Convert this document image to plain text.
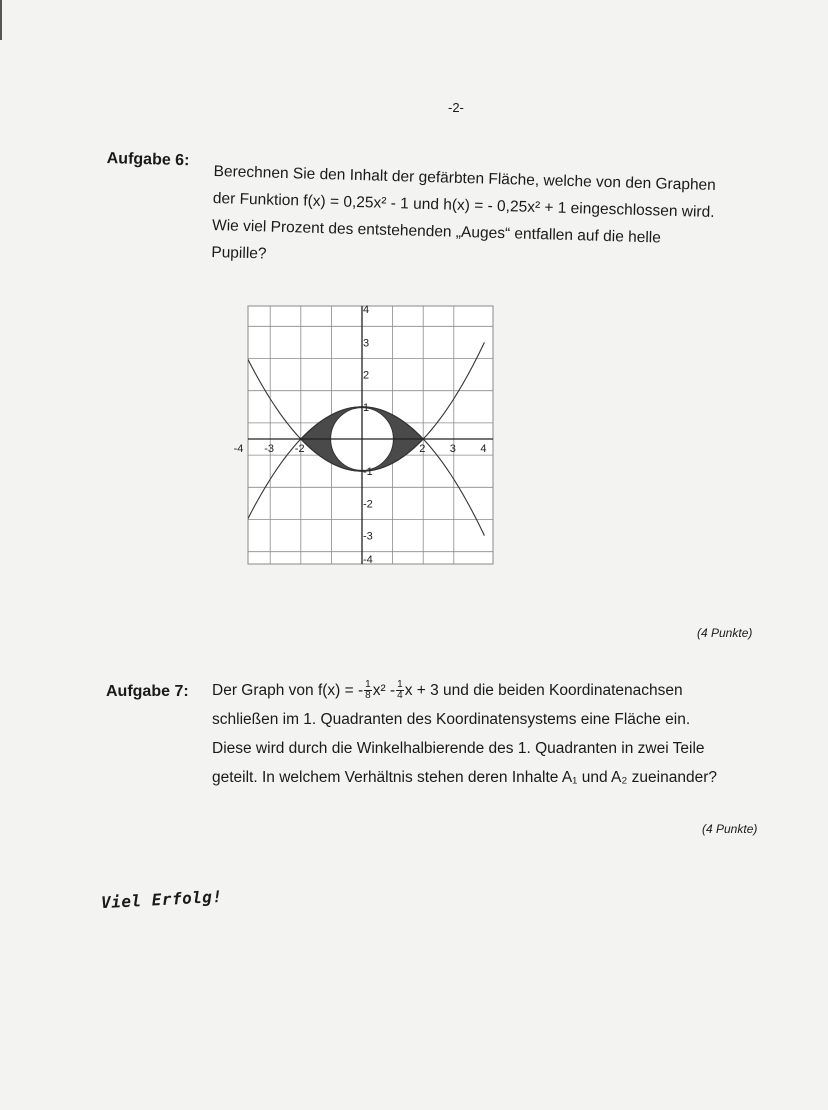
-2-
Aufgabe 6:
Berechnen Sie den Inhalt der gefärbten Fläche, welche von den Graphen
der Funktion f(x) = 0,25x² - 1 und h(x) = - 0,25x² + 1 eingeschlossen wird.
Wie viel Prozent des entstehenden „Auges“ entfallen auf die helle
Pupille?
-4 -3 -2	2 3 4
4
3
2
1
-1
-2
-3
-4
(4 Punkte)
Aufgabe 7: Der Graph von f(x) = - $\frac{1}{8} x^2 - \frac{1}{4}$ x + 3 und die beiden Koordinatenachsen
schließen im 1. Quadranten des Koordinatensystems eine Fläche ein.
Diese wird durch die Winkelhalbierende des 1. Quadranten in zwei Teile
geteilt. In welchem Verhältnis stehen deren Inhalte A₁ und A₂ zueinander?
(4 Punkte)
Viel Erfolg!
